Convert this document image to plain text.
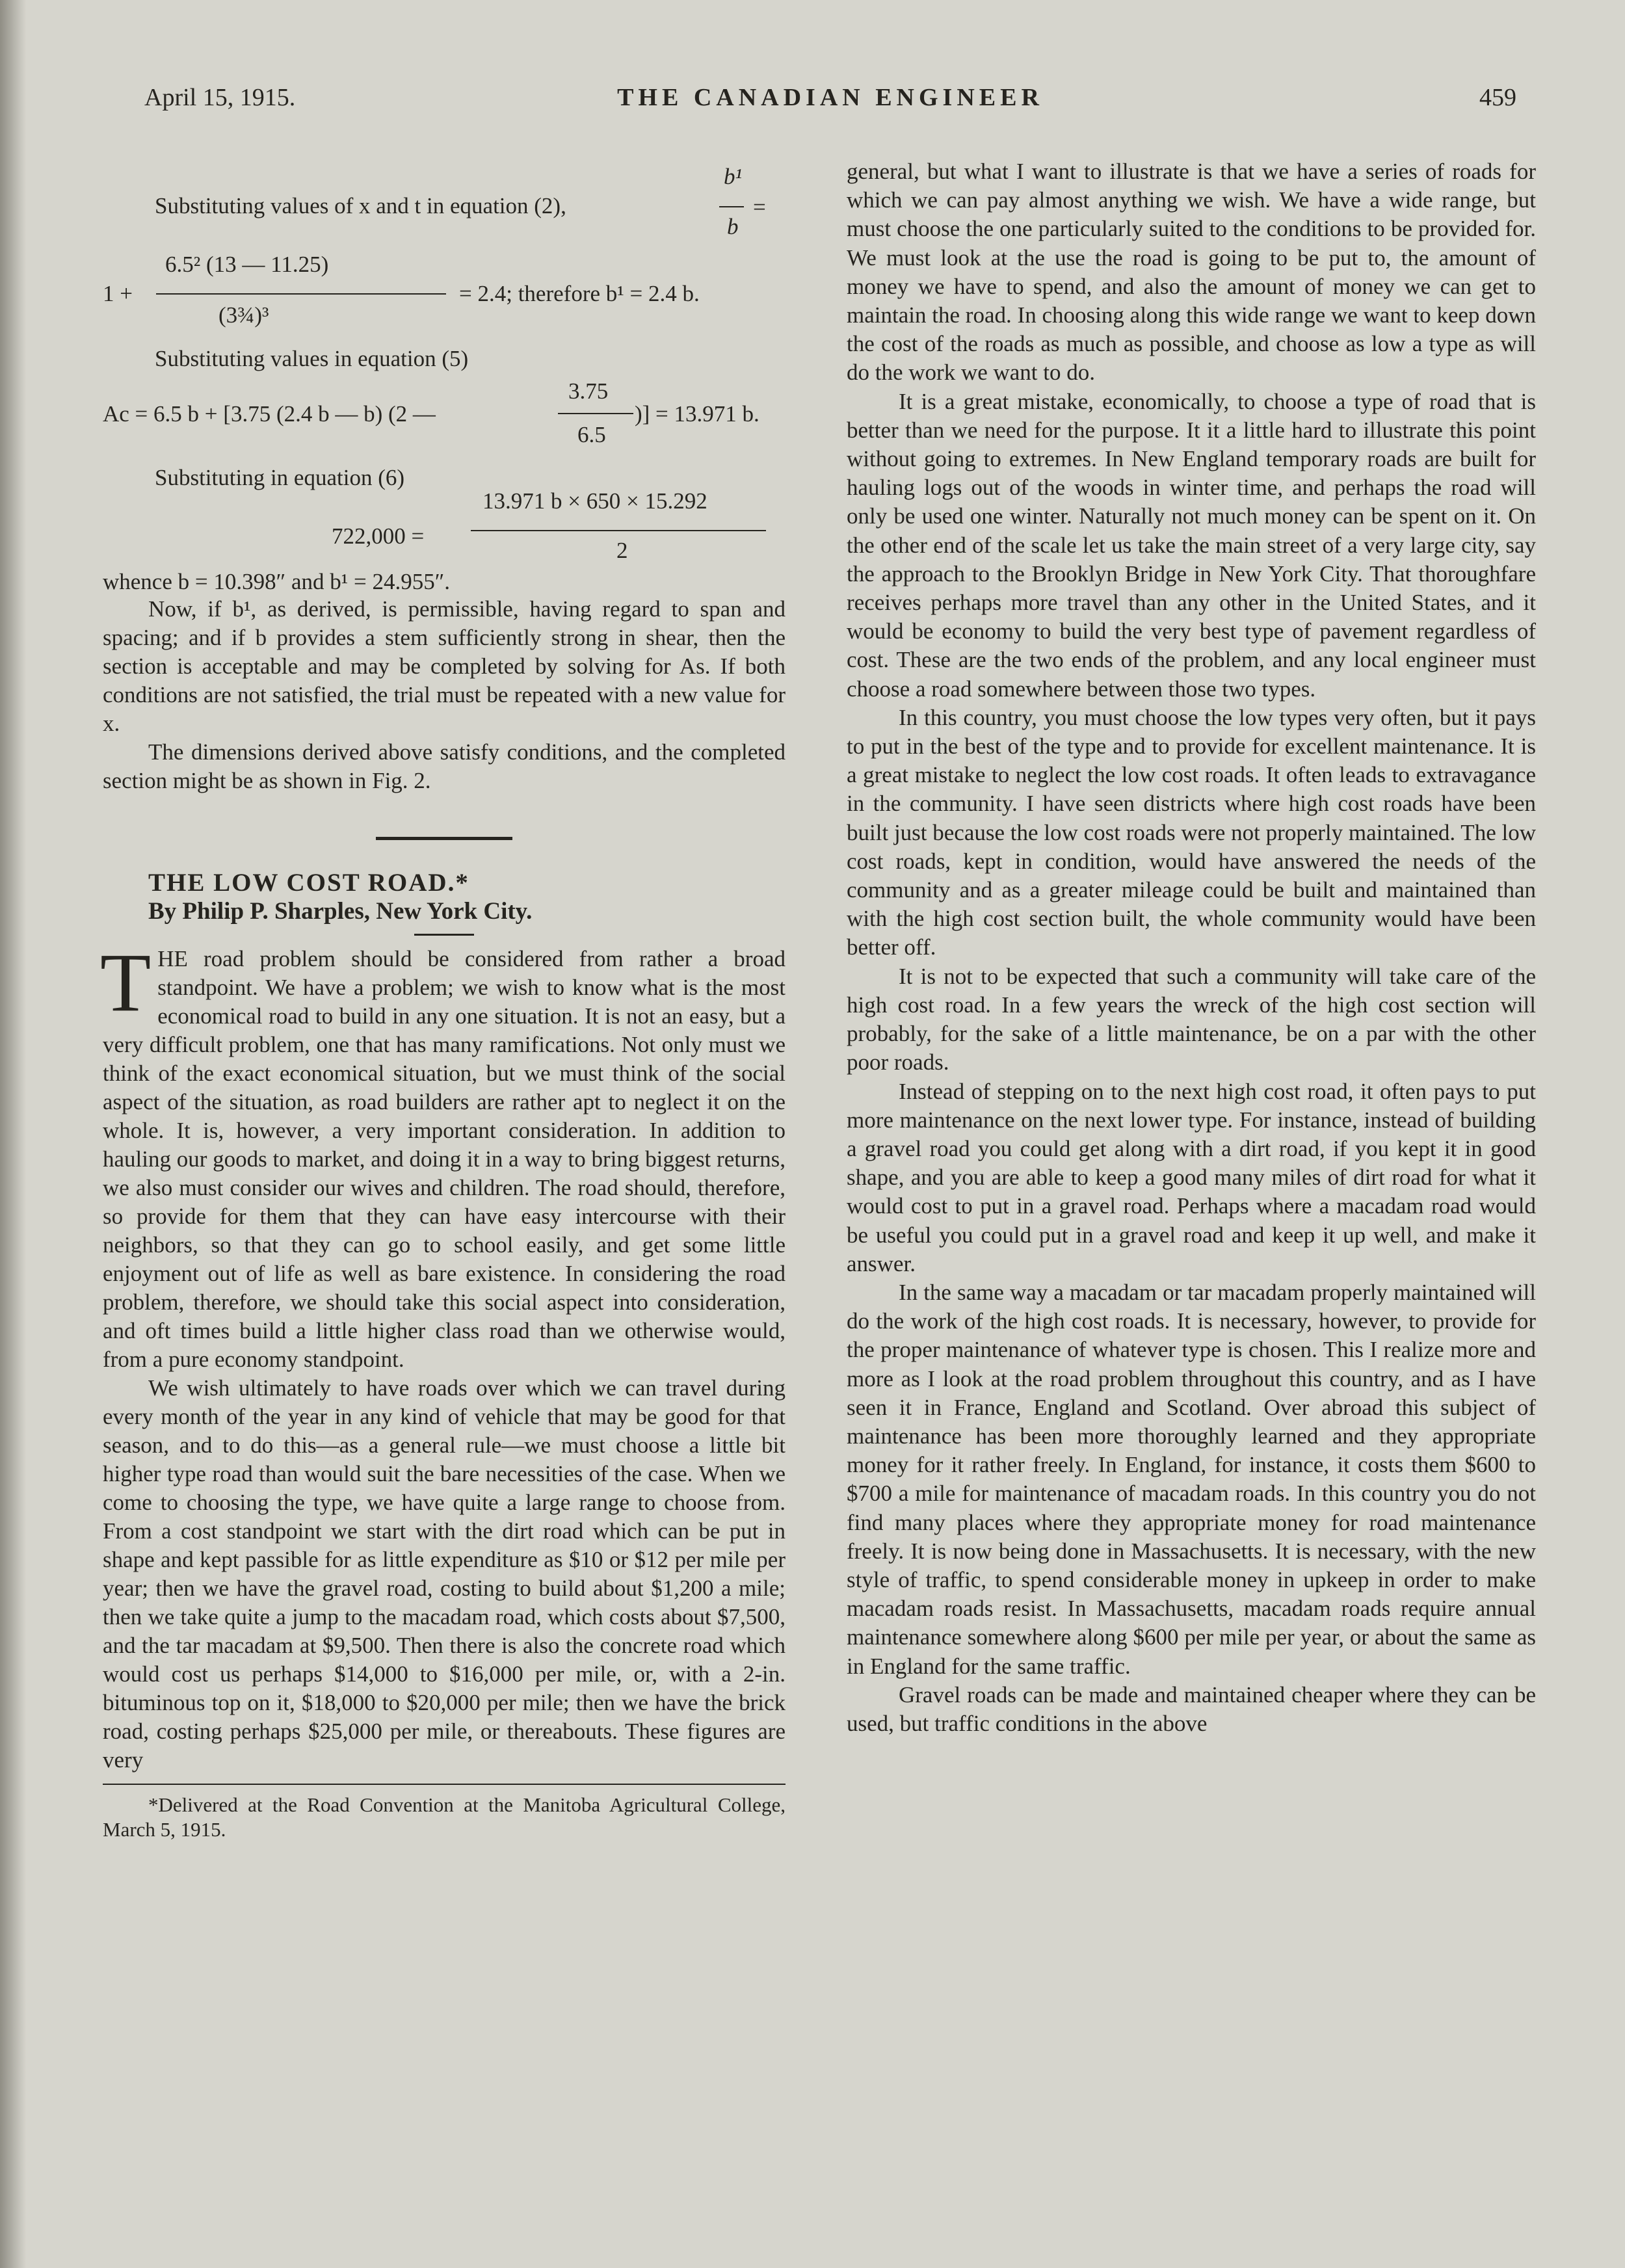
April 15, 1915.	THE CANADIAN ENGINEER	459
Substituting values of x and t in equation (2),
b¹
b
=
1 +
6.5² (13 — 11.25)
(3¾)³
= 2.4; therefore b¹ = 2.4 b.
Substituting values in equation (5)
3.75
Ac = 6.5 b + [3.75 (2.4 b — b) (2 —
6.5
)] = 13.971 b.
Substituting in equation (6)
13.971 b × 650 × 15.292
722,000 =
2
whence b = 10.398″ and b¹ = 24.955″.

Now, if b¹, as derived, is permissible, having regard to span and spacing; and if b provides a stem sufficiently strong in shear, then the section is acceptable and may be completed by solving for As. If both conditions are not satisfied, the trial must be repeated with a new value for x.

The dimensions derived above satisfy conditions, and the completed section might be as shown in Fig. 2.

THE LOW COST ROAD.*

By Philip P. Sharples, New York City.

THE road problem should be considered from rather a broad standpoint. We have a problem; we wish to know what is the most economical road to build in any one situation. It is not an easy, but a very difficult problem, one that has many ramifications. Not only must we think of the exact economical situation, but we must think of the social aspect of the situation, as road builders are rather apt to neglect it on the whole. It is, however, a very important consideration. In addition to hauling our goods to market, and doing it in a way to bring biggest returns, we also must consider our wives and children. The road should, therefore, so provide for them that they can have easy intercourse with their neighbors, so that they can go to school easily, and get some little enjoyment out of life as well as bare existence. In considering the road problem, therefore, we should take this social aspect into consideration, and oft times build a little higher class road than we otherwise would, from a pure economy standpoint.

We wish ultimately to have roads over which we can travel during every month of the year in any kind of vehicle that may be good for that season, and to do this—as a general rule—we must choose a little bit higher type road than would suit the bare necessities of the case. When we come to choosing the type, we have quite a large range to choose from. From a cost standpoint we start with the dirt road which can be put in shape and kept passible for as little expenditure as $10 or $12 per mile per year; then we have the gravel road, costing to build about $1,200 a mile; then we take quite a jump to the macadam road, which costs about $7,500, and the tar macadam at $9,500. Then there is also the concrete road which would cost us perhaps $14,000 to $16,000 per mile, or, with a 2-in. bituminous top on it, $18,000 to $20,000 per mile; then we have the brick road, costing perhaps $25,000 per mile, or thereabouts. These figures are very

*Delivered at the Road Convention at the Manitoba Agricultural College, March 5, 1915.

general, but what I want to illustrate is that we have a series of roads for which we can pay almost anything we wish. We have a wide range, but must choose the one particularly suited to the conditions to be provided for. We must look at the use the road is going to be put to, the amount of money we have to spend, and also the amount of money we can get to maintain the road. In choosing along this wide range we want to keep down the cost of the roads as much as possible, and choose as low a type as will do the work we want to do.

It is a great mistake, economically, to choose a type of road that is better than we need for the purpose. It it a little hard to illustrate this point without going to extremes. In New England temporary roads are built for hauling logs out of the woods in winter time, and perhaps the road will only be used one winter. Naturally not much money can be spent on it. On the other end of the scale let us take the main street of a very large city, say the approach to the Brooklyn Bridge in New York City. That thoroughfare receives perhaps more travel than any other in the United States, and it would be economy to build the very best type of pavement regardless of cost. These are the two ends of the problem, and any local engineer must choose a road somewhere between those two types.

In this country, you must choose the low types very often, but it pays to put in the best of the type and to provide for excellent maintenance. It is a great mistake to neglect the low cost roads. It often leads to extravagance in the community. I have seen districts where high cost roads have been built just because the low cost roads were not properly maintained. The low cost roads, kept in condition, would have answered the needs of the community and as a greater mileage could be built and maintained than with the high cost section built, the whole community would have been better off.

It is not to be expected that such a community will take care of the high cost road. In a few years the wreck of the high cost section will probably, for the sake of a little maintenance, be on a par with the other poor roads.

Instead of stepping on to the next high cost road, it often pays to put more maintenance on the next lower type. For instance, instead of building a gravel road you could get along with a dirt road, if you kept it in good shape, and you are able to keep a good many miles of dirt road for what it would cost to put in a gravel road. Perhaps where a macadam road would be useful you could put in a gravel road and keep it up well, and make it answer.

In the same way a macadam or tar macadam properly maintained will do the work of the high cost roads. It is necessary, however, to provide for the proper maintenance of whatever type is chosen. This I realize more and more as I look at the road problem throughout this country, and as I have seen it in France, England and Scotland. Over abroad this subject of maintenance has been more thoroughly learned and they appropriate money for it rather freely. In England, for instance, it costs them $600 to $700 a mile for maintenance of macadam roads. In this country you do not find many places where they appropriate money for road maintenance freely. It is now being done in Massachusetts. It is necessary, with the new style of traffic, to spend considerable money in upkeep in order to make macadam roads resist. In Massachusetts, macadam roads require annual maintenance somewhere along $600 per mile per year, or about the same as in England for the same traffic.

Gravel roads can be made and maintained cheaper where they can be used, but traffic conditions in the above
